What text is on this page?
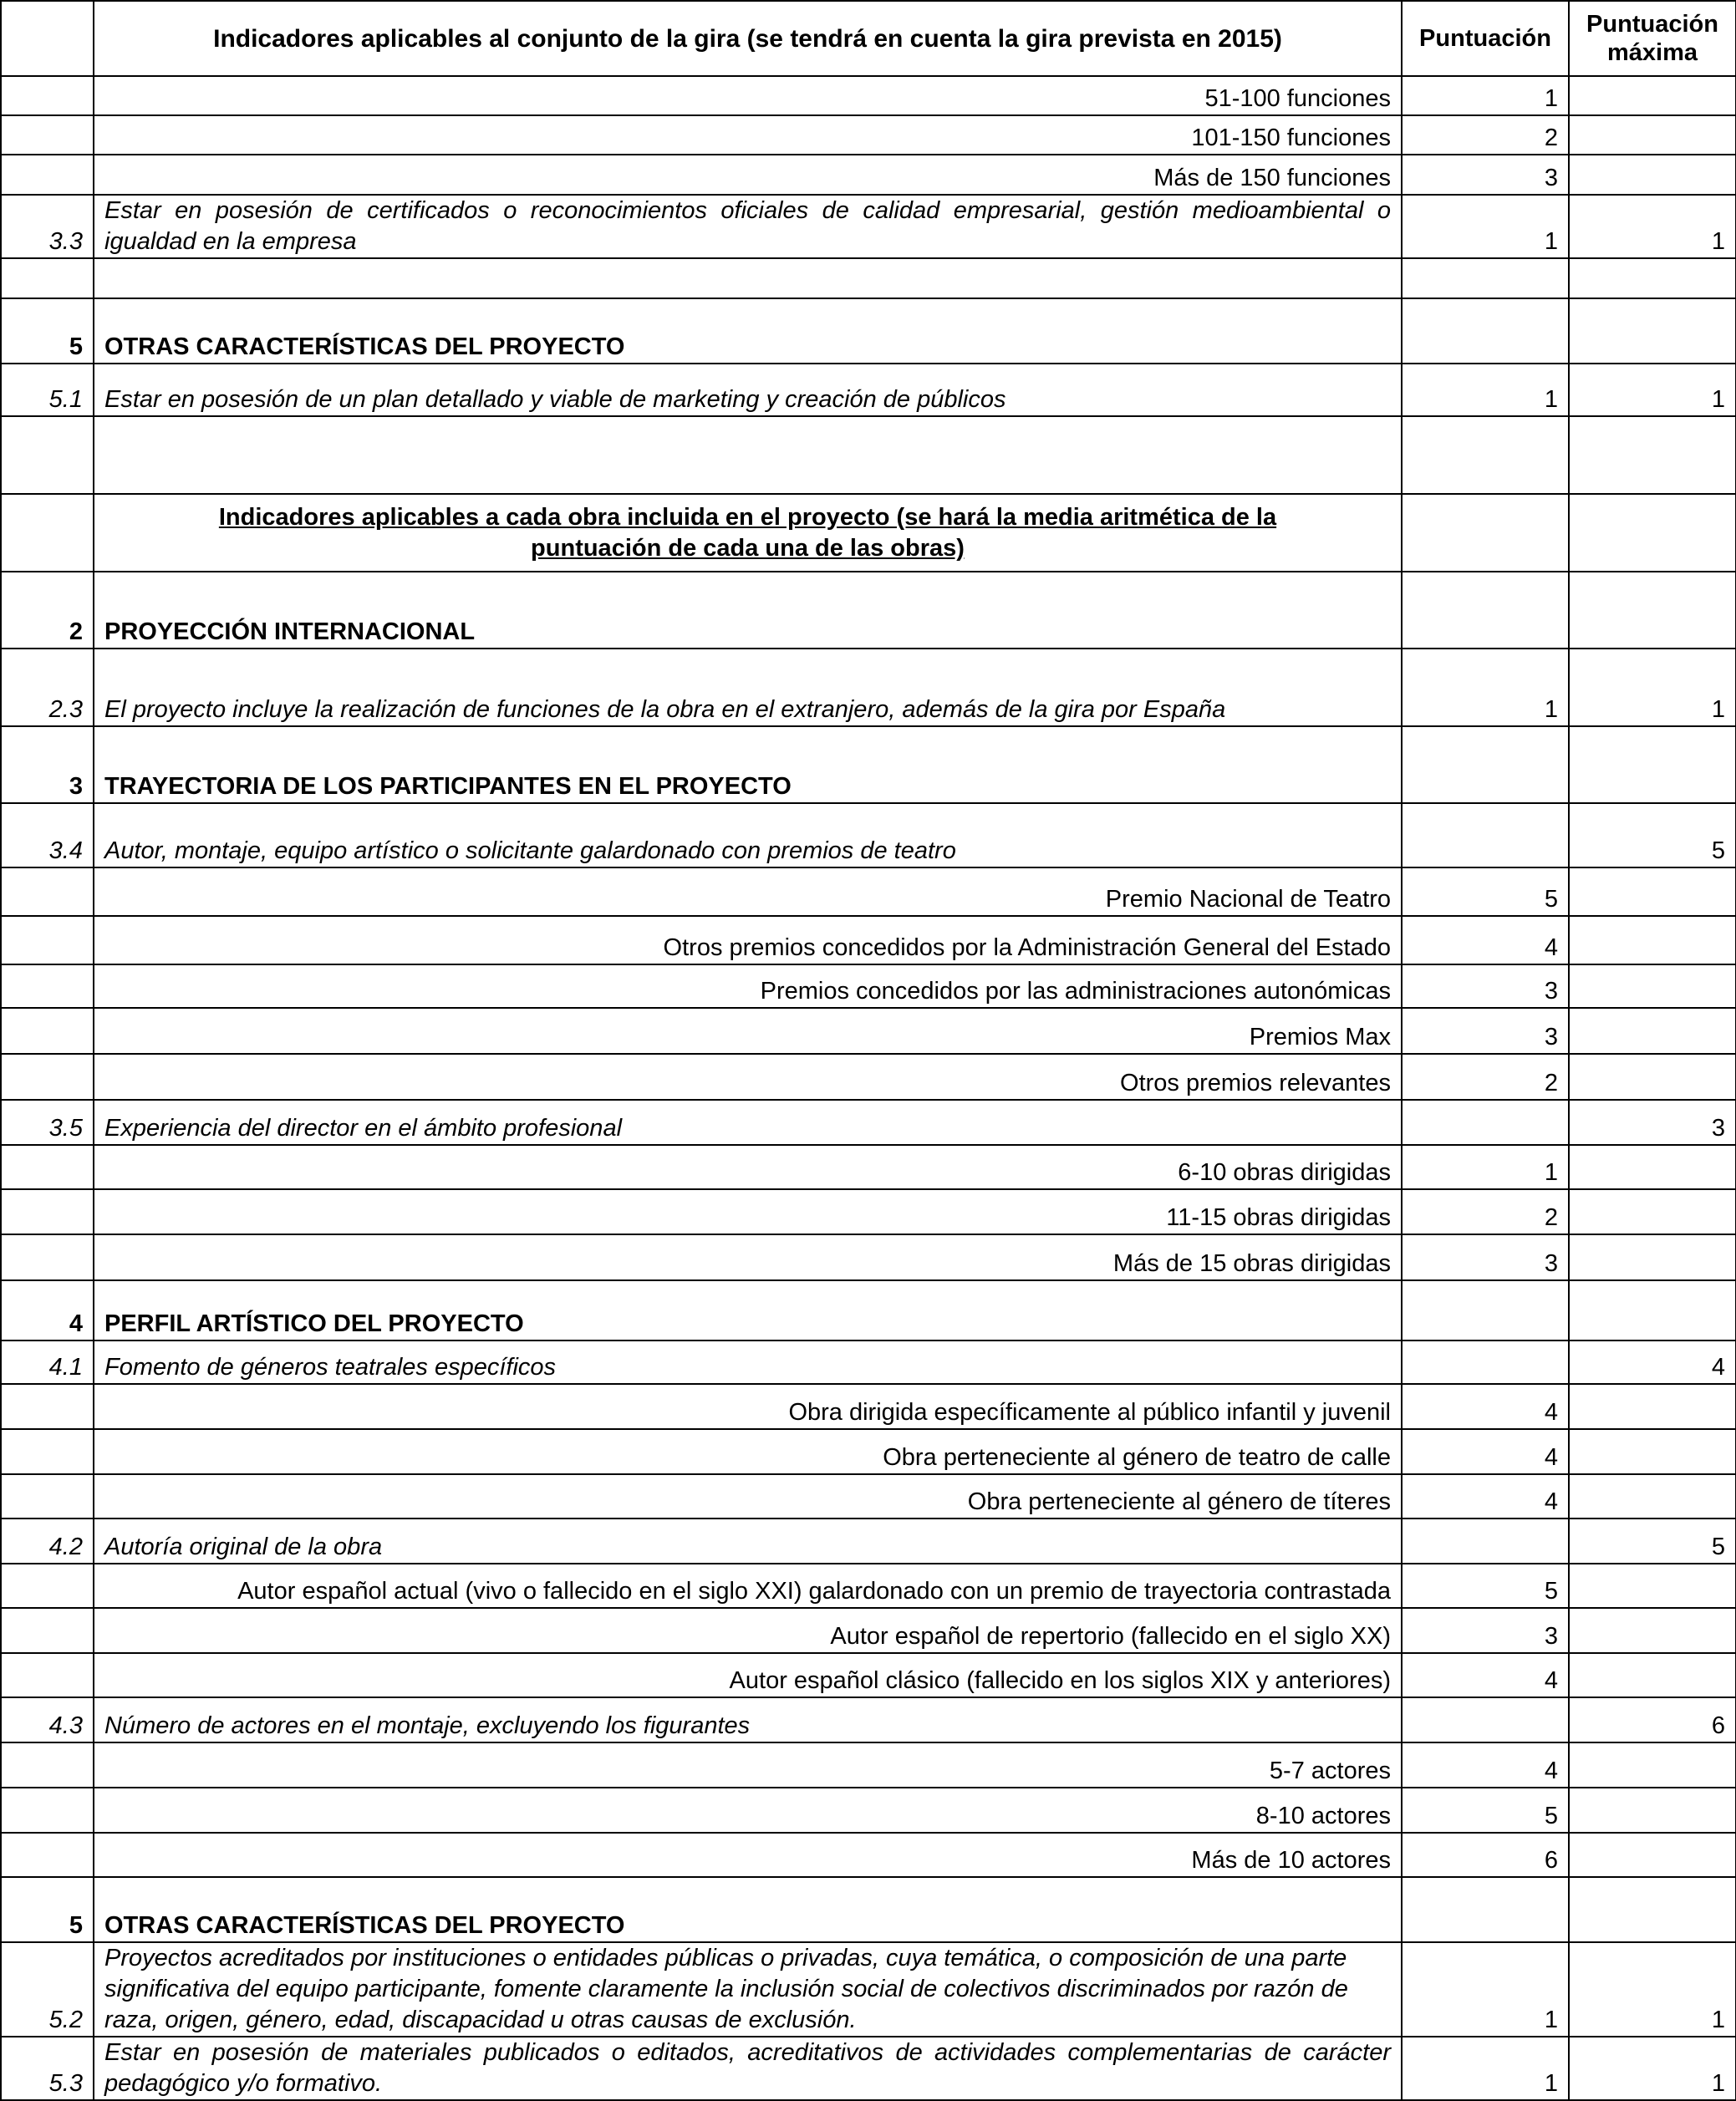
	Indicadores aplicables al conjunto de la gira (se tendrá en cuenta la gira prevista en 2015)	Puntuación	Puntuación máxima
	51-100 funciones	1	
	101-150 funciones	2	
	Más de 150 funciones	3	
3.3	Estar en posesión de certificados o reconocimientos oficiales de calidad empresarial, gestión medioambiental o igualdad en la empresa	1	1

5	OTRAS CARACTERÍSTICAS DEL PROYECTO		
5.1	Estar en posesión de un plan detallado y viable de marketing y creación de públicos	1	1

	Indicadores aplicables a cada obra incluida en el proyecto (se hará la media aritmética de la puntuación de cada una de las obras)		
2	PROYECCIÓN INTERNACIONAL		
2.3	El proyecto incluye la realización de funciones de la obra en el extranjero, además de la gira por España	1	1
3	TRAYECTORIA DE LOS PARTICIPANTES EN EL PROYECTO		
3.4	Autor, montaje, equipo artístico o solicitante galardonado con premios de teatro		5
	Premio Nacional de Teatro	5	
	Otros premios concedidos por la Administración General del Estado	4	
	Premios concedidos por las administraciones autonómicas	3	
	Premios Max	3	
	Otros premios relevantes	2	
3.5	Experiencia del director en el ámbito profesional		3
	6-10 obras dirigidas	1	
	11-15 obras dirigidas	2	
	Más de 15 obras dirigidas	3	
4	PERFIL ARTÍSTICO DEL PROYECTO		
4.1	Fomento de géneros teatrales específicos		4
	Obra dirigida específicamente al público infantil y juvenil	4	
	Obra perteneciente al género de teatro de calle	4	
	Obra perteneciente al género de títeres	4	
4.2	Autoría original de la obra		5
	Autor español actual (vivo o fallecido en el siglo XXI) galardonado con un premio de trayectoria contrastada	5	
	Autor español de repertorio (fallecido en el siglo XX)	3	
	Autor español clásico (fallecido en los siglos XIX y anteriores)	4	
4.3	Número de actores en el montaje, excluyendo los figurantes		6
	5-7 actores	4	
	8-10 actores	5	
	Más de 10 actores	6	
5	OTRAS CARACTERÍSTICAS DEL PROYECTO		
5.2	Proyectos acreditados por instituciones o entidades públicas o privadas, cuya temática, o composición de una parte significativa del equipo participante, fomente claramente la inclusión social de colectivos discriminados por razón de raza, origen, género, edad, discapacidad u otras causas de exclusión.	1	1
5.3	Estar en posesión de materiales publicados o editados, acreditativos de actividades complementarias de carácter pedagógico y/o formativo.	1	1
